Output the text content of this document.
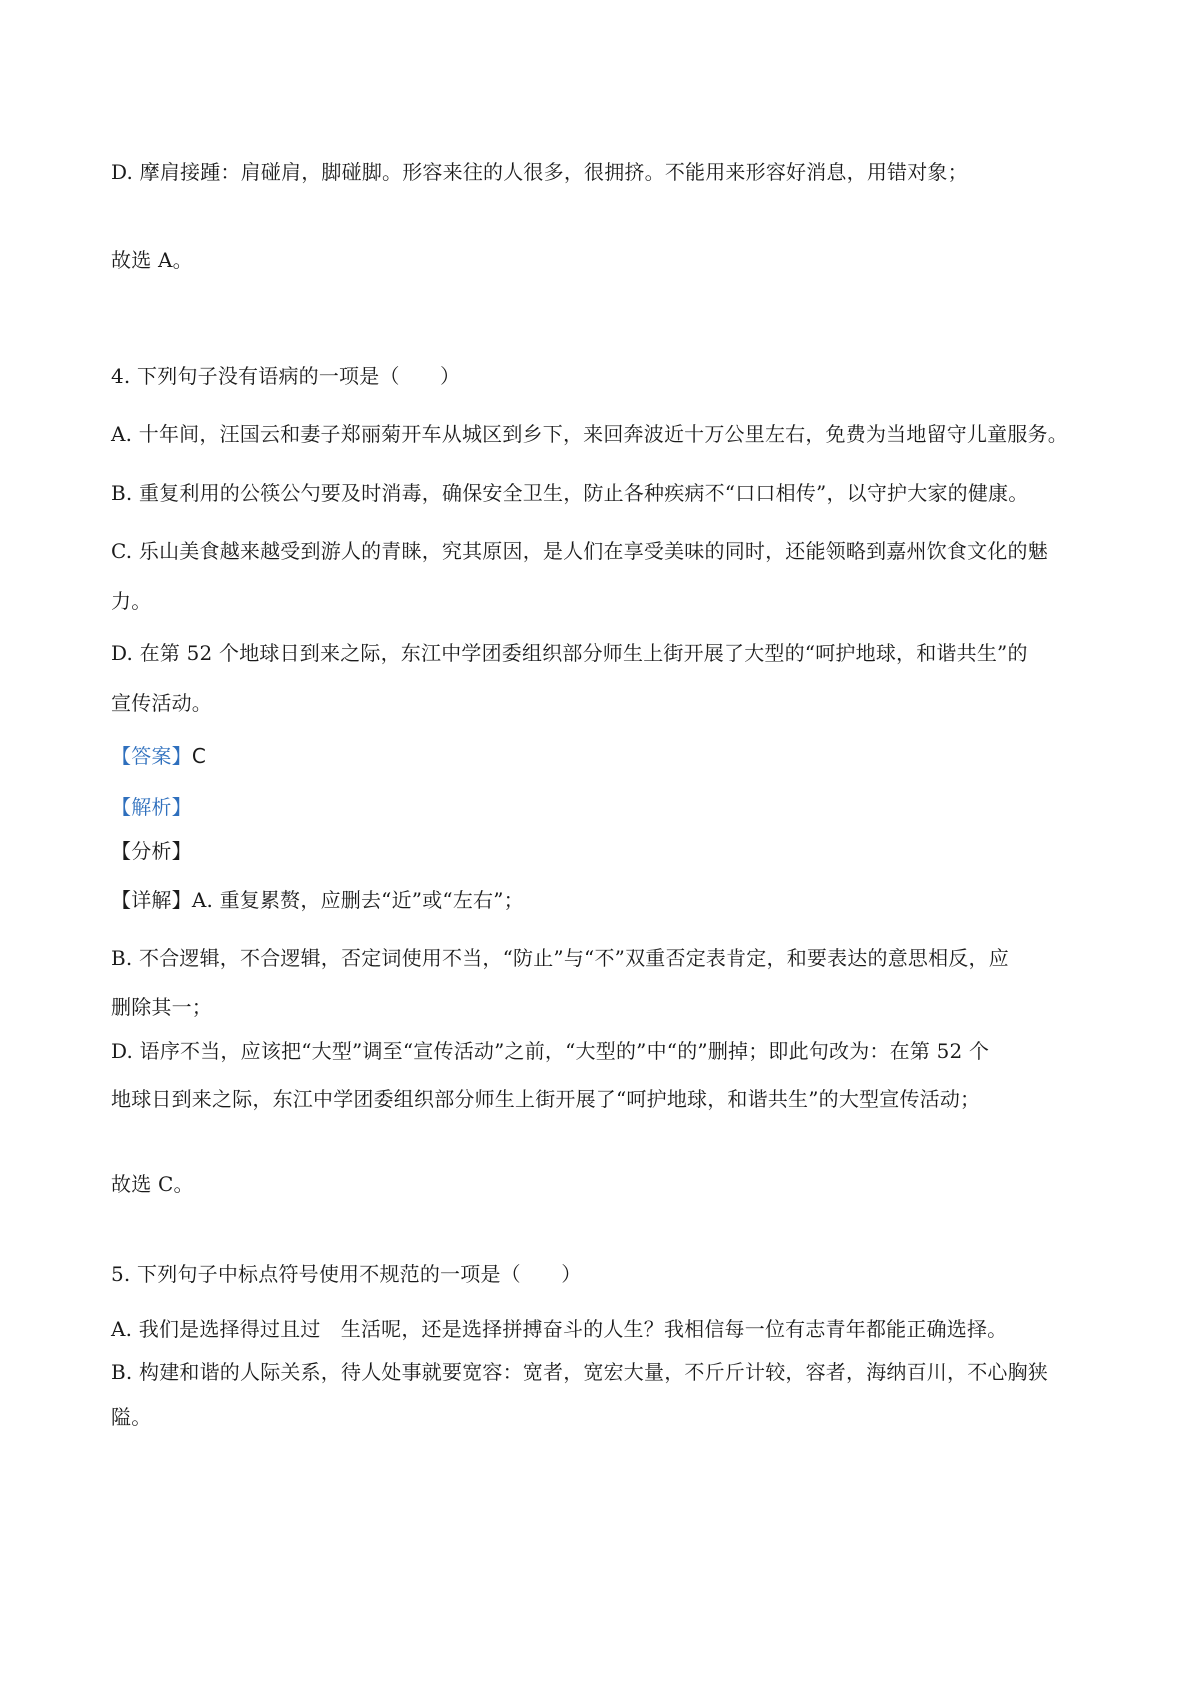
D. 摩肩接踵：肩碰肩，脚碰脚。形容来往的人很多，很拥挤。不能用来形容好消息，用错对象；
故选 A。
4. 下列句子没有语病的一项是（　　）
A. 十年间，汪国云和妻子郑丽菊开车从城区到乡下，来回奔波近十万公里左右，免费为当地留守儿童服务。
B. 重复利用的公筷公勺要及时消毒，确保安全卫生，防止各种疾病不“口口相传”，以守护大家的健康。
C. 乐山美食越来越受到游人的青睐，究其原因，是人们在享受美味的同时，还能领略到嘉州饮食文化的魅
力。
D. 在第 52 个地球日到来之际，东江中学团委组织部分师生上街开展了大型的“呵护地球，和谐共生”的
宣传活动。
【答案】C
【解析】
【分析】
【详解】A. 重复累赘，应删去“近”或“左右”；
B. 不合逻辑，不合逻辑，否定词使用不当，“防止”与“不”双重否定表肯定，和要表达的意思相反，应
删除其一；
D. 语序不当，应该把“大型”调至“宣传活动”之前，“大型的”中“的”删掉；即此句改为：在第 52 个
地球日到来之际，东江中学团委组织部分师生上街开展了“呵护地球，和谐共生”的大型宣传活动；
故选 C。
5. 下列句子中标点符号使用不规范的一项是（　　）
A. 我们是选择得过且过　生活呢，还是选择拼搏奋斗的人生？我相信每一位有志青年都能正确选择。
B. 构建和谐的人际关系，待人处事就要宽容：宽者，宽宏大量，不斤斤计较，容者，海纳百川，不心胸狭
隘。
